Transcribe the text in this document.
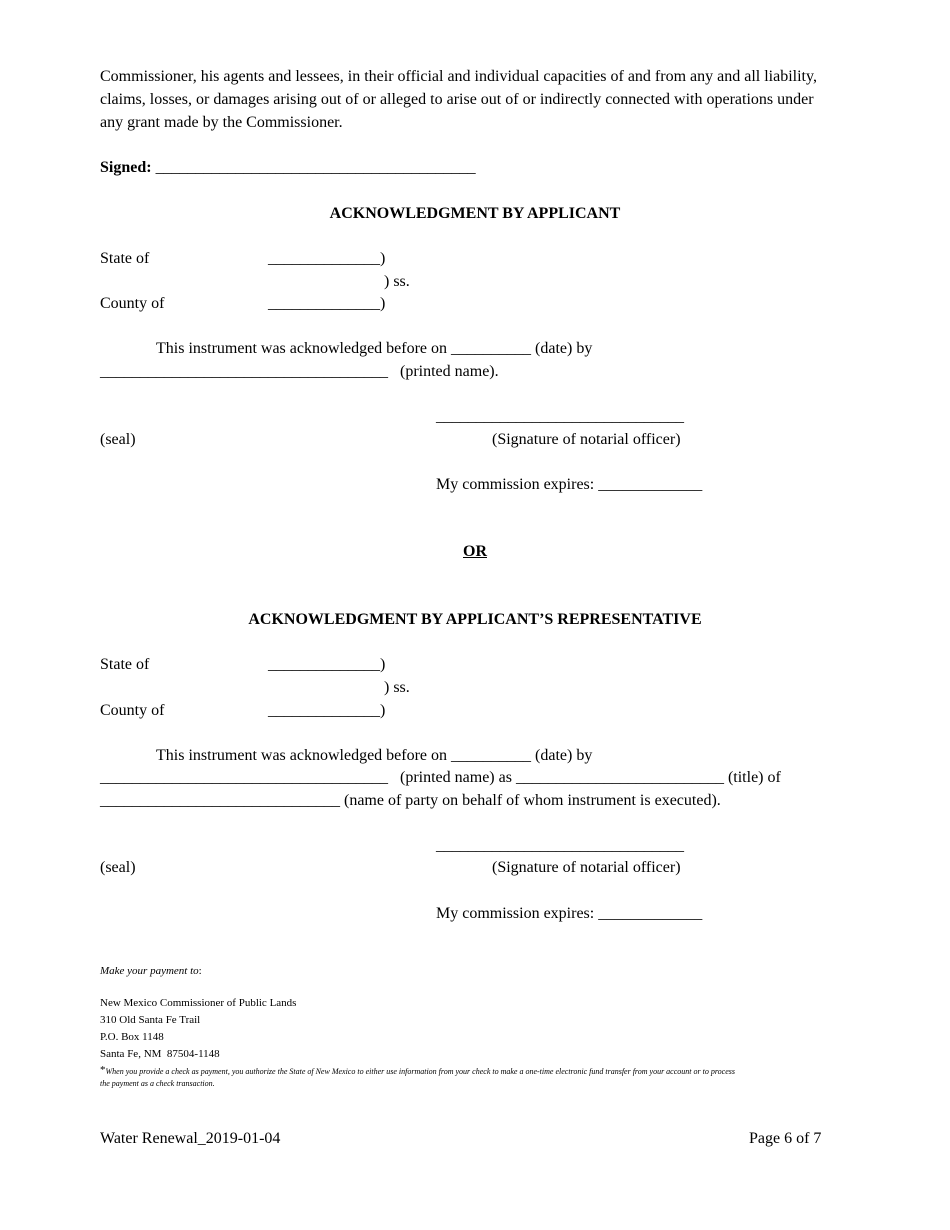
Commissioner, his agents and lessees, in their official and individual capacities of and from any and all liability, claims, losses, or damages arising out of or alleged to arise out of or indirectly connected with operations under any grant made by the Commissioner.
Signed: ________________________________________
ACKNOWLEDGMENT BY APPLICANT
State of	______________)
) ss.
County of	______________)
This instrument was acknowledged before on __________ (date) by
____________________________________   (printed name).
_______________________________
(seal)	(Signature of notarial officer)
My commission expires: _____________
OR
ACKNOWLEDGMENT BY APPLICANT’S REPRESENTATIVE
State of	______________)
) ss.
County of	______________)
This instrument was acknowledged before on __________ (date) by
____________________________________   (printed name) as __________________________ (title) of
______________________________ (name of party on behalf of whom instrument is executed).
_______________________________
(seal)	(Signature of notarial officer)
My commission expires: _____________
Make your payment to:
New Mexico Commissioner of Public Lands
310 Old Santa Fe Trail
P.O. Box 1148
Santa Fe, NM  87504-1148
*When you provide a check as payment, you authorize the State of New Mexico to either use information from your check to make a one-time electronic fund transfer from your account or to process
the payment as a check transaction.
Water Renewal_2019-01-04	Page 6 of 7
